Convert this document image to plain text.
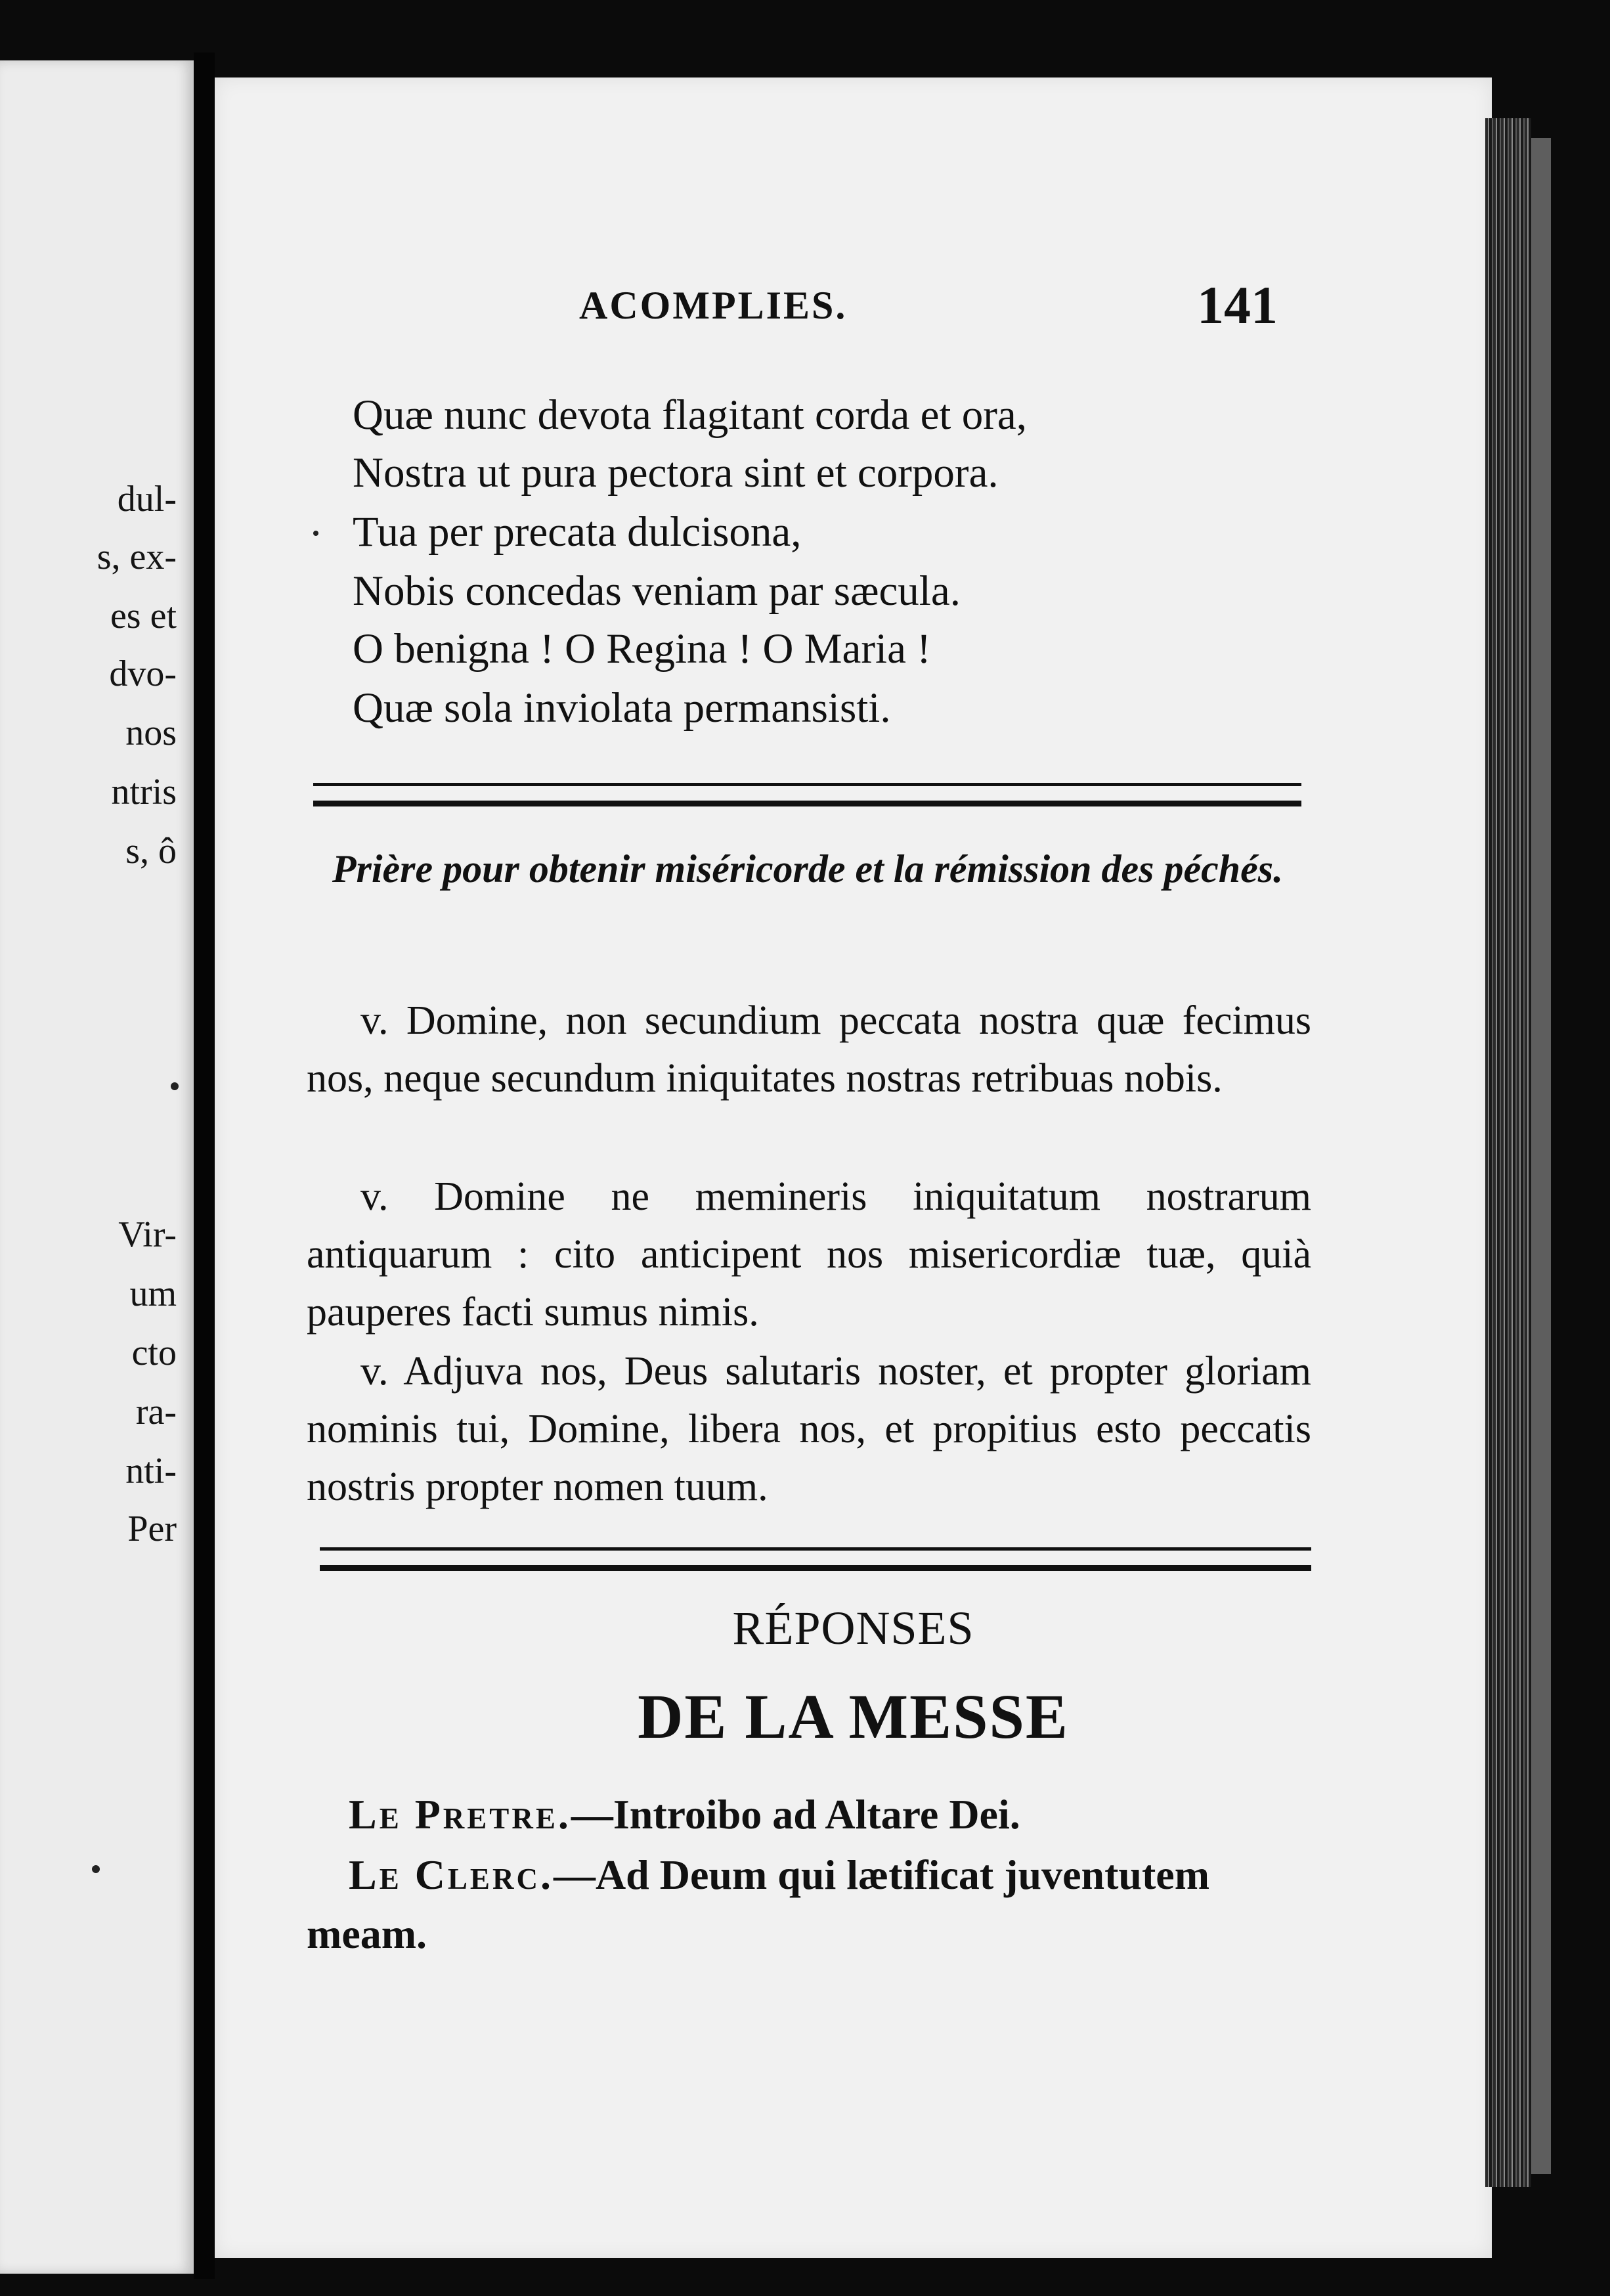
dul-
s, ex-
es et
dvo-
nos
ntris
s, ô
Vir-
um
cto
ra-
nti-
Per
ACOMPLIES.	141
Quæ nunc devota flagitant corda et ora,
Nostra ut pura pectora sint et corpora.
Tua per precata dulcisona,
Nobis concedas veniam par sæcula.
O benigna ! O Regina ! O Maria !
Quæ sola inviolata permansisti.
Prière pour obtenir miséricorde et la rémission des péchés.
v. Domine, non secundium peccata nostra quæ fecimus nos, neque secundum iniquitates nostras retribuas nobis.
v. Domine ne memineris iniquitatum nostrarum antiquarum : cito anticipent nos misericordiæ tuæ, quià pauperes facti sumus nimis.
v. Adjuva nos, Deus salutaris noster, et propter gloriam nominis tui, Domine, libera nos, et propitius esto peccatis nostris propter nomen tuum.
RÉPONSES
DE LA MESSE
Le Pretre.—Introibo ad Altare Dei.
Le Clerc.—Ad Deum qui lætificat juventutem meam.
